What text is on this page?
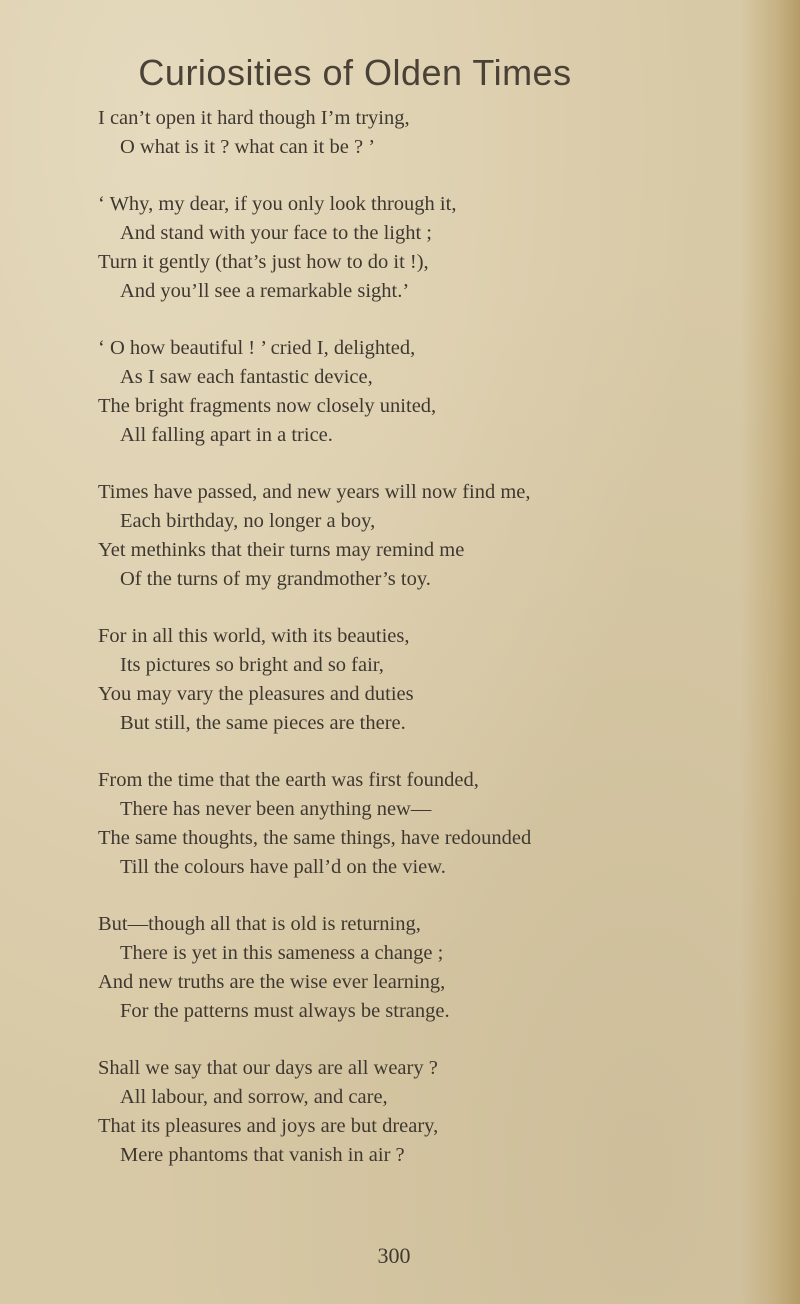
Curiosities of Olden Times
I can’t open it hard though I’m trying,
O what is it ? what can it be ? ’
‘ Why, my dear, if you only look through it,
And stand with your face to the light ;
Turn it gently (that’s just how to do it !),
And you’ll see a remarkable sight.’
‘ O how beautiful ! ’ cried I, delighted,
As I saw each fantastic device,
The bright fragments now closely united,
All falling apart in a trice.
Times have passed, and new years will now find me,
Each birthday, no longer a boy,
Yet methinks that their turns may remind me
Of the turns of my grandmother’s toy.
For in all this world, with its beauties,
Its pictures so bright and so fair,
You may vary the pleasures and duties
But still, the same pieces are there.
From the time that the earth was first founded,
There has never been anything new—
The same thoughts, the same things, have redounded
Till the colours have pall’d on the view.
But—though all that is old is returning,
There is yet in this sameness a change ;
And new truths are the wise ever learning,
For the patterns must always be strange.
Shall we say that our days are all weary ?
All labour, and sorrow, and care,
That its pleasures and joys are but dreary,
Mere phantoms that vanish in air ?
300
